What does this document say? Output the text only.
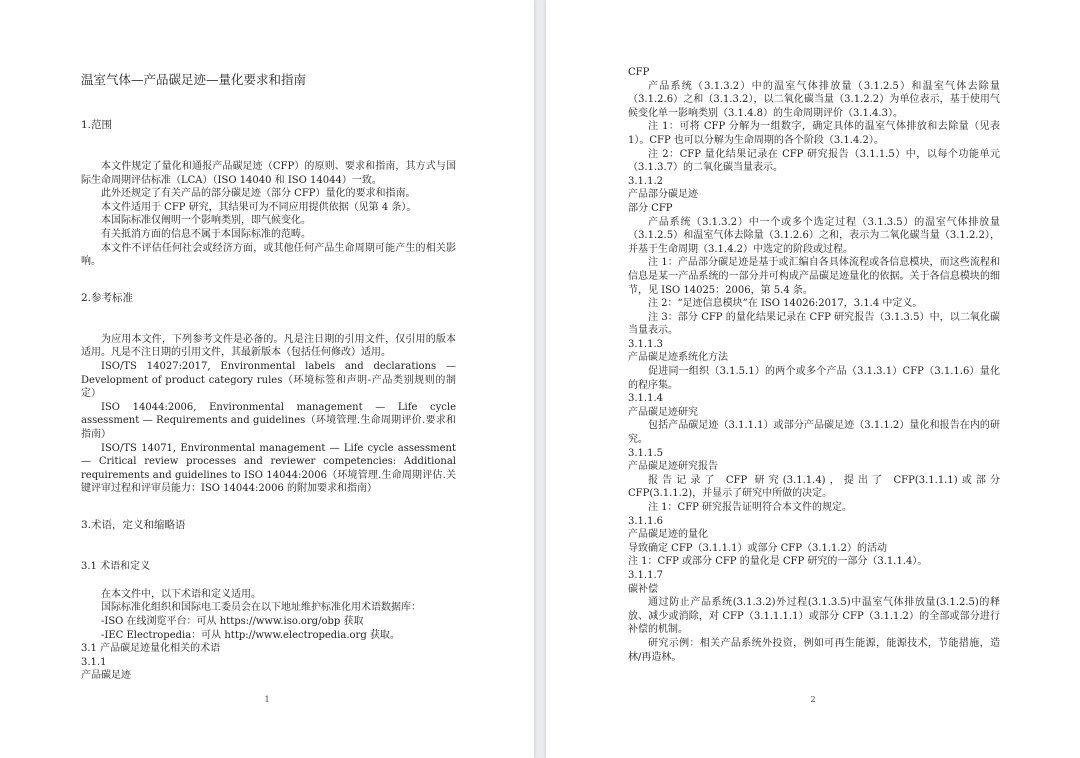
温室气体—产品碳足迹—量化要求和指南

1.范围

本文件规定了量化和通报产品碳足迹（CFP）的原则、要求和指南，其方式与国际生命周期评估标准（LCA）（ISO 14040 和 ISO 14044）一致。

此外还规定了有关产品的部分碳足迹（部分 CFP）量化的要求和指南。

本文件适用于 CFP 研究，其结果可为不同应用提供依据（见第 4 条）。

本国际标准仅阐明一个影响类别，即气候变化。

有关抵消方面的信息不属于本国际标准的范畴。

本文件不评估任何社会或经济方面，或其他任何产品生命周期可能产生的相关影响。

2.参考标准

为应用本文件，下列参考文件是必备的。凡是注日期的引用文件，仅引用的版本适用。凡是不注日期的引用文件，其最新版本（包括任何修改）适用。

ISO/TS 14027:2017, Environmental labels and declarations — Development of product category rules（环境标签和声明-产品类别规则的制定）

ISO 14044:2006, Environmental management — Life cycle assessment — Requirements and guidelines（环境管理.生命周期评价.要求和指南）

ISO/TS 14071, Environmental management — Life cycle assessment — Critical review processes and reviewer competencies: Additional requirements and guidelines to ISO 14044:2006（环境管理.生命周期评估.关键评审过程和评审员能力：ISO 14044:2006 的附加要求和指南）

3.术语，定义和缩略语

3.1 术语和定义

在本文件中，以下术语和定义适用。

国际标准化组织和国际电工委员会在以下地址维护标准化用术语数据库：

-ISO 在线浏览平台：可从 https://www.iso.org/obp 获取

-IEC Electropedia：可从 http://www.electropedia.org 获取。

3.1 产品碳足迹量化相关的术语

3.1.1

产品碳足迹

1

CFP

产品系统（3.1.3.2）中的温室气体排放量（3.1.2.5）和温室气体去除量（3.1.2.6）之和（3.1.3.2），以二氧化碳当量（3.1.2.2）为单位表示，基于使用气候变化单一影响类别（3.1.4.8）的生命周期评价（3.1.4.3）。

注 1：可将 CFP 分解为一组数字，确定具体的温室气体排放和去除量（见表 1）。CFP 也可以分解为生命周期的各个阶段（3.1.4.2）。

注 2：CFP 量化结果记录在 CFP 研究报告（3.1.1.5）中，以每个功能单元（3.1.3.7）的二氧化碳当量表示。

3.1.1.2

产品部分碳足迹

部分 CFP

产品系统（3.1.3.2）中一个或多个选定过程（3.1.3.5）的温室气体排放量（3.1.2.5）和温室气体去除量（3.1.2.6）之和，表示为二氧化碳当量（3.1.2.2），并基于生命周期（3.1.4.2）中选定的阶段或过程。

注 1：产品部分碳足迹是基于或汇编自各具体流程或各信息模块，而这些流程和信息是某一产品系统的一部分并可构成产品碳足迹量化的依据。关于各信息模块的细节，见 ISO 14025：2006，第 5.4 条。

注 2：“足迹信息模块”在 ISO 14026:2017，3.1.4 中定义。

注 3：部分 CFP 的量化结果记录在 CFP 研究报告（3.1.3.5）中，以二氧化碳当量表示。

3.1.1.3

产品碳足迹系统化方法

促进同一组织（3.1.5.1）的两个或多个产品（3.1.3.1）CFP（3.1.1.6）量化的程序集。

3.1.1.4

产品碳足迹研究

包括产品碳足迹（3.1.1.1）或部分产品碳足迹（3.1.1.2）量化和报告在内的研究。

3.1.1.5

产品碳足迹研究报告

报告记录了 CFP 研究(3.1.1.4)，提出了 CFP(3.1.1.1)或部分 CFP(3.1.1.2)，并显示了研究中所做的决定。

注 1：CFP 研究报告证明符合本文件的规定。

3.1.1.6

产品碳足迹的量化

导致确定 CFP（3.1.1.1）或部分 CFP（3.1.1.2）的活动

注 1：CFP 或部分 CFP 的量化是 CFP 研究的一部分（3.1.1.4）。

3.1.1.7

碳补偿

通过防止产品系统(3.1.3.2)外过程(3.1.3.5)中温室气体排放量(3.1.2.5)的释放、减少或消除，对 CFP（3.1.1.1.1）或部分 CFP（3.1.1.2）的全部或部分进行补偿的机制。

研究示例：相关产品系统外投资，例如可再生能源，能源技术，节能措施，造林/再造林。

2
